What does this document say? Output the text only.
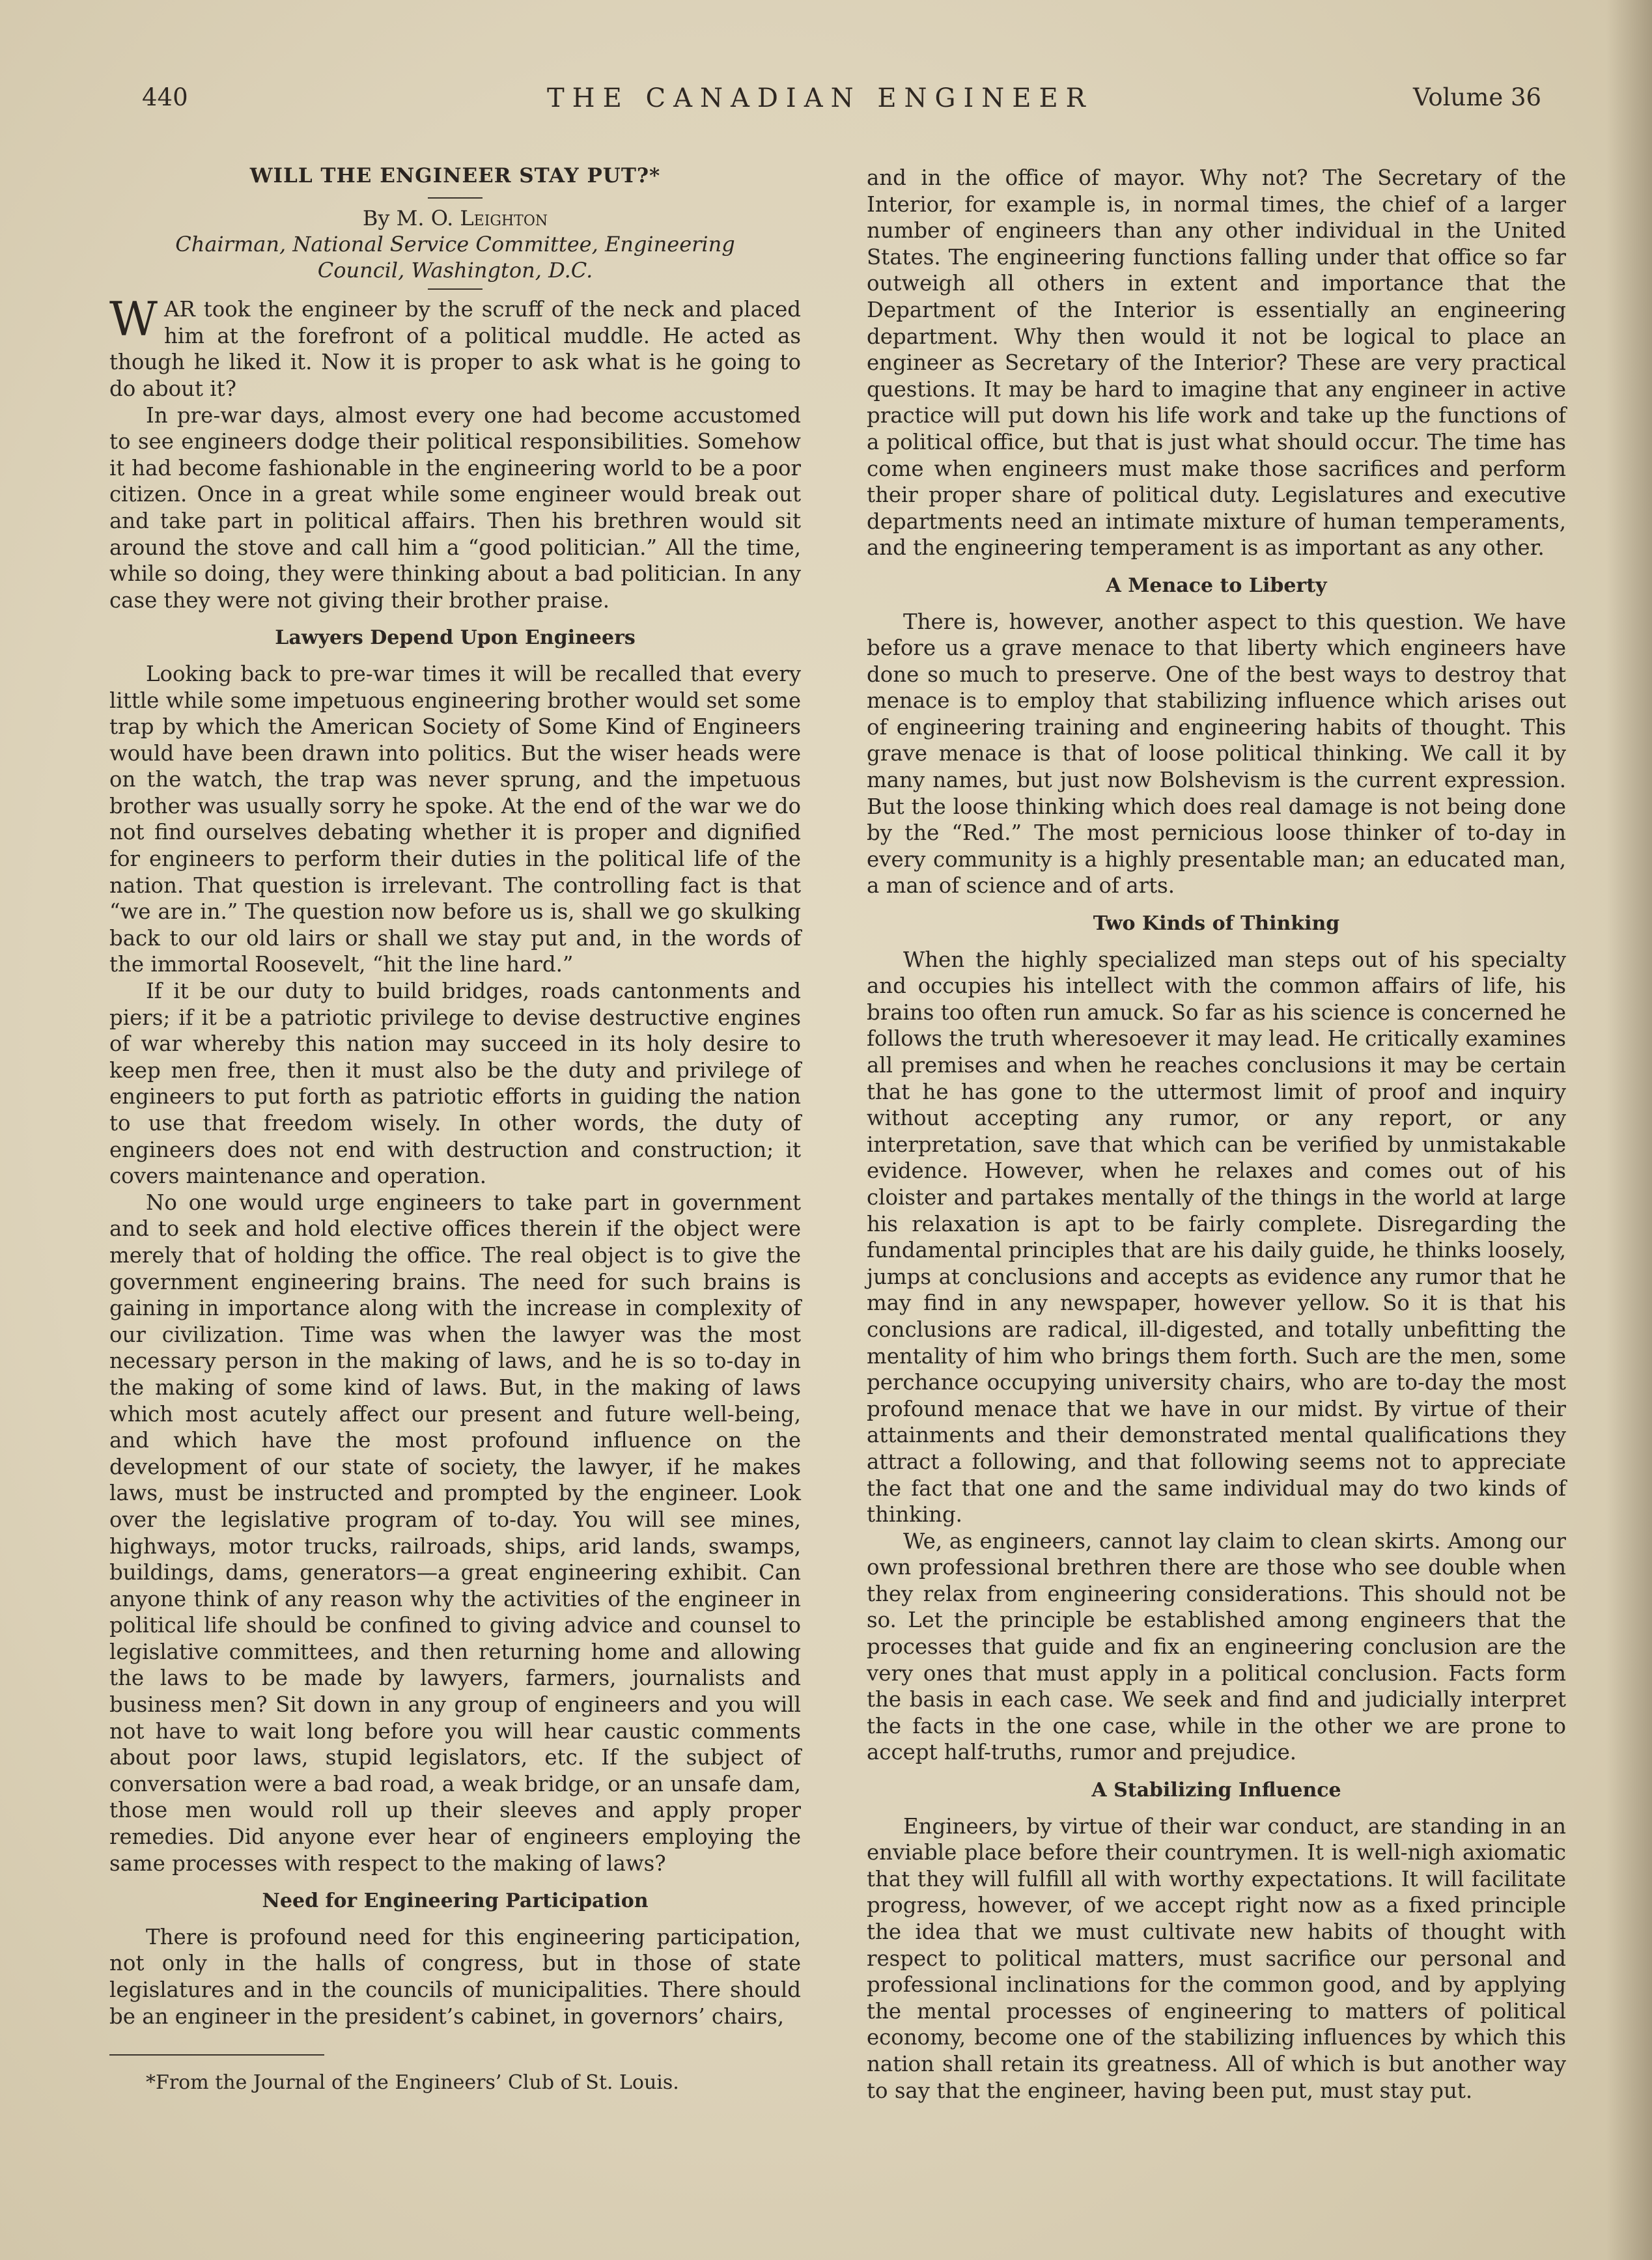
440	THE CANADIAN ENGINEER	Volume 36
WILL THE ENGINEER STAY PUT?*

By M. O. Leighton

Chairman, National Service Committee, Engineering
Council, Washington, D.C.

WAR took the engineer by the scruff of the neck and placed him at the forefront of a political muddle. He acted as though he liked it. Now it is proper to ask what is he going to do about it?

In pre-war days, almost every one had become accustomed to see engineers dodge their political responsibilities. Somehow it had become fashionable in the engineering world to be a poor citizen. Once in a great while some engineer would break out and take part in political affairs. Then his brethren would sit around the stove and call him a “good politician.” All the time, while so doing, they were thinking about a bad politician. In any case they were not giving their brother praise.

Lawyers Depend Upon Engineers

Looking back to pre-war times it will be recalled that every little while some impetuous engineering brother would set some trap by which the American Society of Some Kind of Engineers would have been drawn into politics. But the wiser heads were on the watch, the trap was never sprung, and the impetuous brother was usually sorry he spoke. At the end of the war we do not find ourselves debating whether it is proper and dignified for engineers to perform their duties in the political life of the nation. That question is irrelevant. The controlling fact is that “we are in.” The question now before us is, shall we go skulking back to our old lairs or shall we stay put and, in the words of the immortal Roosevelt, “hit the line hard.”

If it be our duty to build bridges, roads cantonments and piers; if it be a patriotic privilege to devise destructive engines of war whereby this nation may succeed in its holy desire to keep men free, then it must also be the duty and privilege of engineers to put forth as patriotic efforts in guiding the nation to use that freedom wisely. In other words, the duty of engineers does not end with destruction and construction; it covers maintenance and operation.

No one would urge engineers to take part in government and to seek and hold elective offices therein if the object were merely that of holding the office. The real object is to give the government engineering brains. The need for such brains is gaining in importance along with the increase in complexity of our civilization. Time was when the lawyer was the most necessary person in the making of laws, and he is so to-day in the making of some kind of laws. But, in the making of laws which most acutely affect our present and future well-being, and which have the most profound influence on the development of our state of society, the lawyer, if he makes laws, must be instructed and prompted by the engineer. Look over the legislative program of to-day. You will see mines, highways, motor trucks, railroads, ships, arid lands, swamps, buildings, dams, generators—a great engineering exhibit. Can anyone think of any reason why the activities of the engineer in political life should be confined to giving advice and counsel to legislative committees, and then returning home and allowing the laws to be made by lawyers, farmers, journalists and business men? Sit down in any group of engineers and you will not have to wait long before you will hear caustic comments about poor laws, stupid legislators, etc. If the subject of conversation were a bad road, a weak bridge, or an unsafe dam, those men would roll up their sleeves and apply proper remedies. Did anyone ever hear of engineers employing the same processes with respect to the making of laws?

Need for Engineering Participation

There is profound need for this engineering participation, not only in the halls of congress, but in those of state legislatures and in the councils of municipalities. There should be an engineer in the president’s cabinet, in governors’ chairs,

*From the Journal of the Engineers’ Club of St. Louis.

and in the office of mayor. Why not? The Secretary of the Interior, for example is, in normal times, the chief of a larger number of engineers than any other individual in the United States. The engineering functions falling under that office so far outweigh all others in extent and importance that the Department of the Interior is essentially an engineering department. Why then would it not be logical to place an engineer as Secretary of the Interior? These are very practical questions. It may be hard to imagine that any engineer in active practice will put down his life work and take up the functions of a political office, but that is just what should occur. The time has come when engineers must make those sacrifices and perform their proper share of political duty. Legislatures and executive departments need an intimate mixture of human temperaments, and the engineering temperament is as important as any other.

A Menace to Liberty

There is, however, another aspect to this question. We have before us a grave menace to that liberty which engineers have done so much to preserve. One of the best ways to destroy that menace is to employ that stabilizing influence which arises out of engineering training and engineering habits of thought. This grave menace is that of loose political thinking. We call it by many names, but just now Bolshevism is the current expression. But the loose thinking which does real damage is not being done by the “Red.” The most pernicious loose thinker of to-day in every community is a highly presentable man; an educated man, a man of science and of arts.

Two Kinds of Thinking

When the highly specialized man steps out of his specialty and occupies his intellect with the common affairs of life, his brains too often run amuck. So far as his science is concerned he follows the truth wheresoever it may lead. He critically examines all premises and when he reaches conclusions it may be certain that he has gone to the uttermost limit of proof and inquiry without accepting any rumor, or any report, or any interpretation, save that which can be verified by unmistakable evidence. However, when he relaxes and comes out of his cloister and partakes mentally of the things in the world at large his relaxation is apt to be fairly complete. Disregarding the fundamental principles that are his daily guide, he thinks loosely, jumps at conclusions and accepts as evidence any rumor that he may find in any newspaper, however yellow. So it is that his conclusions are radical, ill-digested, and totally unbefitting the mentality of him who brings them forth. Such are the men, some perchance occupying university chairs, who are to-day the most profound menace that we have in our midst. By virtue of their attainments and their demonstrated mental qualifications they attract a following, and that following seems not to appreciate the fact that one and the same individual may do two kinds of thinking.

We, as engineers, cannot lay claim to clean skirts. Among our own professional brethren there are those who see double when they relax from engineering considerations. This should not be so. Let the principle be established among engineers that the processes that guide and fix an engineering conclusion are the very ones that must apply in a political conclusion. Facts form the basis in each case. We seek and find and judicially interpret the facts in the one case, while in the other we are prone to accept half-truths, rumor and prejudice.

A Stabilizing Influence

Engineers, by virtue of their war conduct, are standing in an enviable place before their countrymen. It is well-nigh axiomatic that they will fulfill all with worthy expectations. It will facilitate progress, however, of we accept right now as a fixed principle the idea that we must cultivate new habits of thought with respect to political matters, must sacrifice our personal and professional inclinations for the common good, and by applying the mental processes of engineering to matters of political economy, become one of the stabilizing influences by which this nation shall retain its greatness. All of which is but another way to say that the engineer, having been put, must stay put.
